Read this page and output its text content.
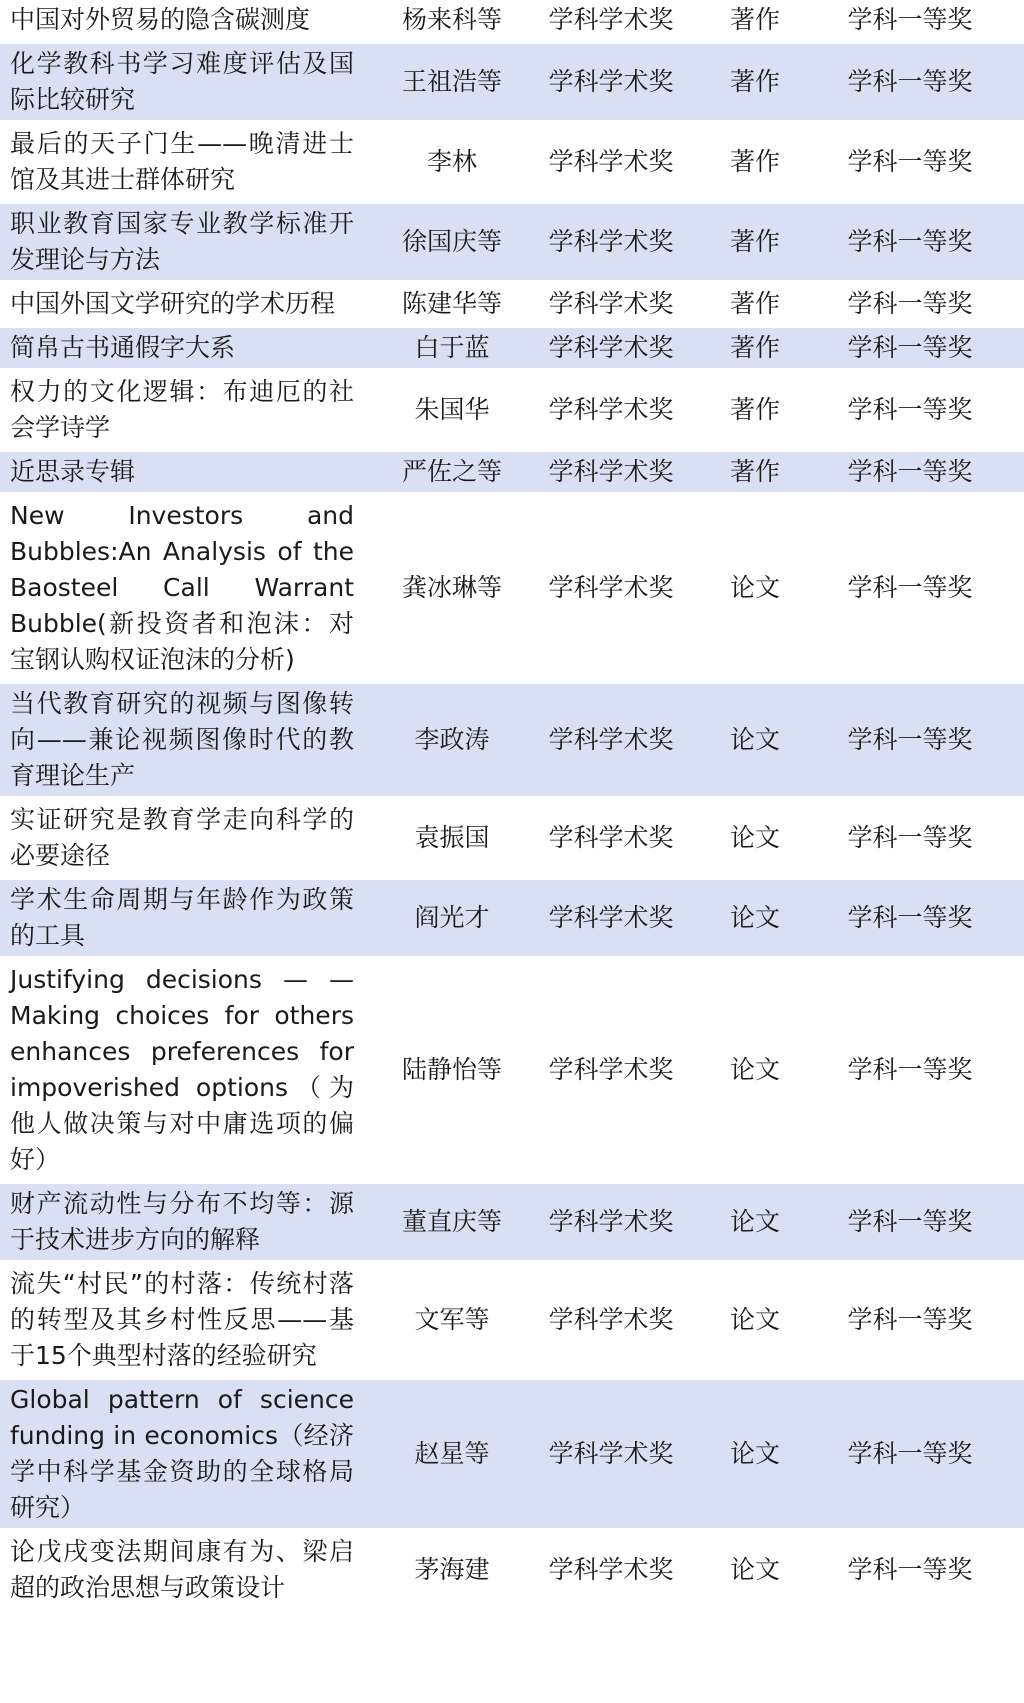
中国对外贸易的隐含碳测度	杨来科等	学科学术奖	著作	学科一等奖
化学教科书学习难度评估及国际比较研究	王祖浩等	学科学术奖	著作	学科一等奖
最后的天子门生——晚清进士馆及其进士群体研究	李林	学科学术奖	著作	学科一等奖
职业教育国家专业教学标准开发理论与方法	徐国庆等	学科学术奖	著作	学科一等奖
中国外国文学研究的学术历程	陈建华等	学科学术奖	著作	学科一等奖
简帛古书通假字大系	白于蓝	学科学术奖	著作	学科一等奖
权力的文化逻辑：布迪厄的社会学诗学	朱国华	学科学术奖	著作	学科一等奖
近思录专辑	严佐之等	学科学术奖	著作	学科一等奖
New Investors and Bubbles:An Analysis of the Baosteel Call Warrant Bubble(新投资者和泡沫：对宝钢认购权证泡沫的分析)	龚冰琳等	学科学术奖	论文	学科一等奖
当代教育研究的视频与图像转向——兼论视频图像时代的教育理论生产	李政涛	学科学术奖	论文	学科一等奖
实证研究是教育学走向科学的必要途径	袁振国	学科学术奖	论文	学科一等奖
学术生命周期与年龄作为政策的工具	阎光才	学科学术奖	论文	学科一等奖
Justifying decisions — — Making choices for others enhances preferences for impoverished options（为他人做决策与对中庸选项的偏好）	陆静怡等	学科学术奖	论文	学科一等奖
财产流动性与分布不均等：源于技术进步方向的解释	董直庆等	学科学术奖	论文	学科一等奖
流失“村民”的村落：传统村落的转型及其乡村性反思——基于15个典型村落的经验研究	文军等	学科学术奖	论文	学科一等奖
Global pattern of science funding in economics（经济学中科学基金资助的全球格局研究）	赵星等	学科学术奖	论文	学科一等奖
论戊戌变法期间康有为、梁启超的政治思想与政策设计	茅海建	学科学术奖	论文	学科一等奖
